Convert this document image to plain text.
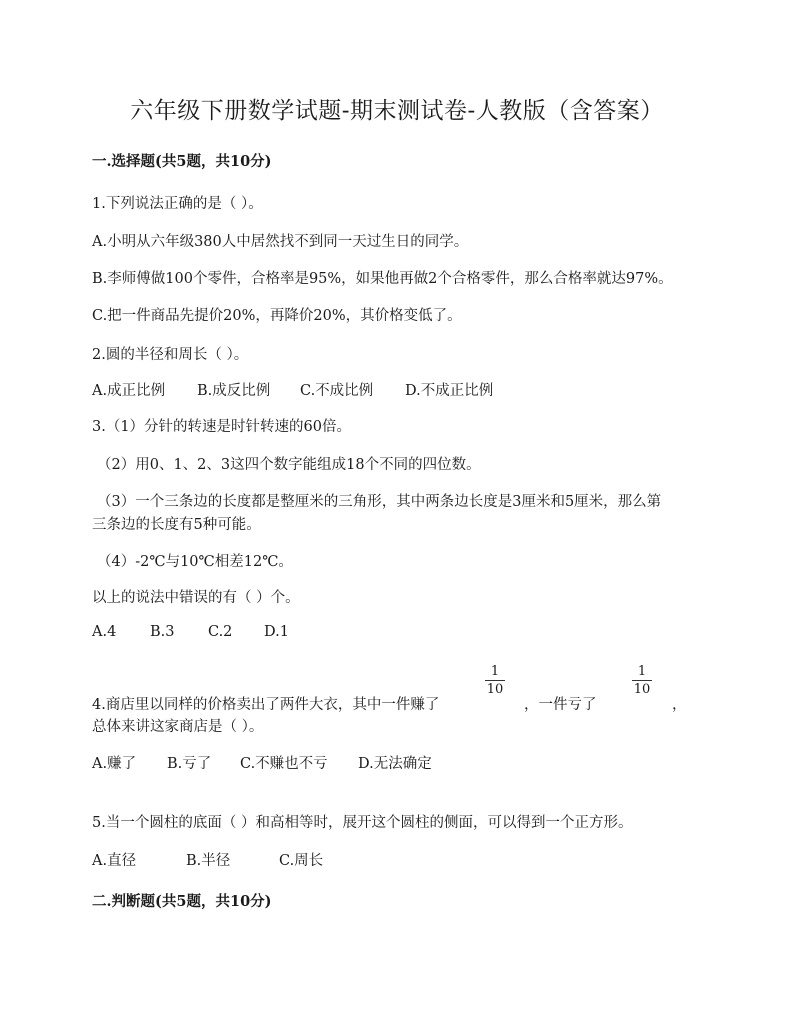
六年级下册数学试题-期末测试卷-人教版（含答案）
一.选择题(共5题，共10分)
1.下列说法正确的是（ ）。
A.小明从六年级380人中居然找不到同一天过生日的同学。
B.李师傅做100个零件，合格率是95%，如果他再做2个合格零件，那么合格率就达97%。
C.把一件商品先提价20%，再降价20%，其价格变低了。
2.圆的半径和周长（ ）。
A.成正比例 B.成反比例 C.不成比例 D.不成正比例
3.（1）分针的转速是时针转速的60倍。
（2）用0、1、2、3这四个数字能组成18个不同的四位数。
（3）一个三条边的长度都是整厘米的三角形，其中两条边长度是3厘米和5厘米，那么第
三条边的长度有5种可能。
（4）-2℃与10℃相差12℃。
以上的说法中错误的有（ ）个。
A.4 B.3 C.2 D.1
4.商店里以同样的价格卖出了两件大衣，其中一件赚了
1
10
，一件亏了
1
10
，
总体来讲这家商店是（ ）。
A.赚了 B.亏了 C.不赚也不亏 D.无法确定
5.当一个圆柱的底面（ ）和高相等时，展开这个圆柱的侧面，可以得到一个正方形。
A.直径	B.半径	C.周长
二.判断题(共5题，共10分)
